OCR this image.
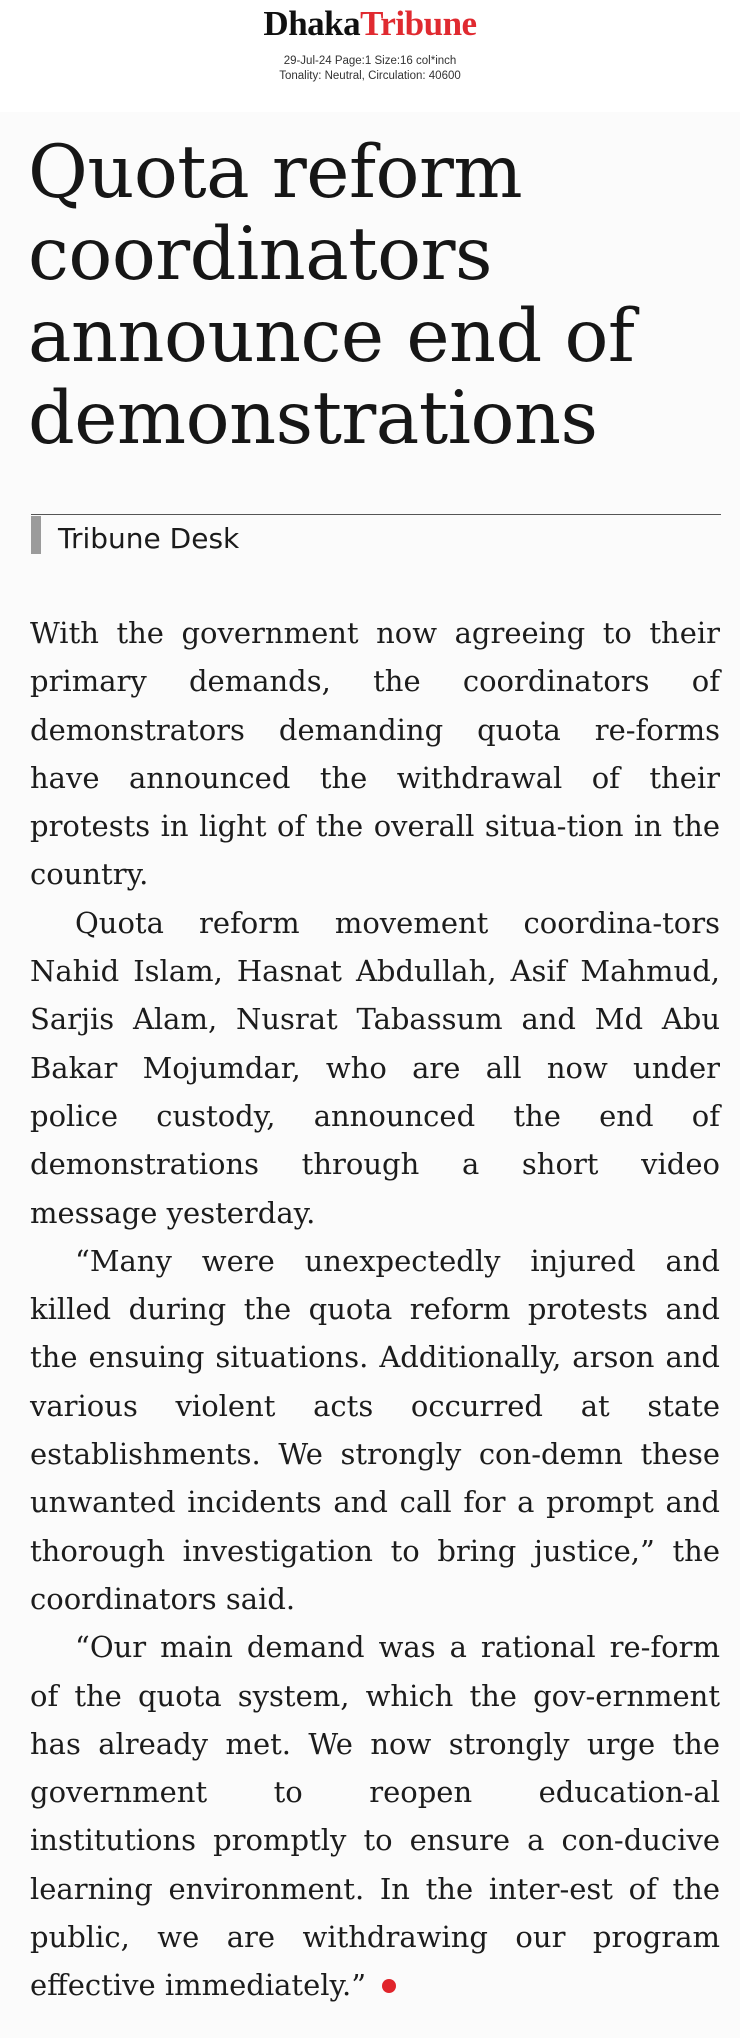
DhakaTribune
29-Jul-24 Page:1 Size:16 col*inch
Tonality: Neutral, Circulation: 40600
Quota reform coordinators announce end of demonstrations
Tribune Desk

With the government now agreeing to their primary demands, the coordinators of demonstrators demanding quota re-forms have announced the withdrawal of their protests in light of the overall situa-tion in the country.

Quota reform movement coordina-tors Nahid Islam, Hasnat Abdullah, Asif Mahmud, Sarjis Alam, Nusrat Tabassum and Md Abu Bakar Mojumdar, who are all now under police custody, announced the end of demonstrations through a short video message yesterday.

“Many were unexpectedly injured and killed during the quota reform protests and the ensuing situations. Additionally, arson and various violent acts occurred at state establishments. We strongly con-demn these unwanted incidents and call for a prompt and thorough investigation to bring justice,” the coordinators said.

“Our main demand was a rational re-form of the quota system, which the gov-ernment has already met. We now strongly urge the government to reopen education-al institutions promptly to ensure a con-ducive learning environment. In the inter-est of the public, we are withdrawing our program effective immediately.”
